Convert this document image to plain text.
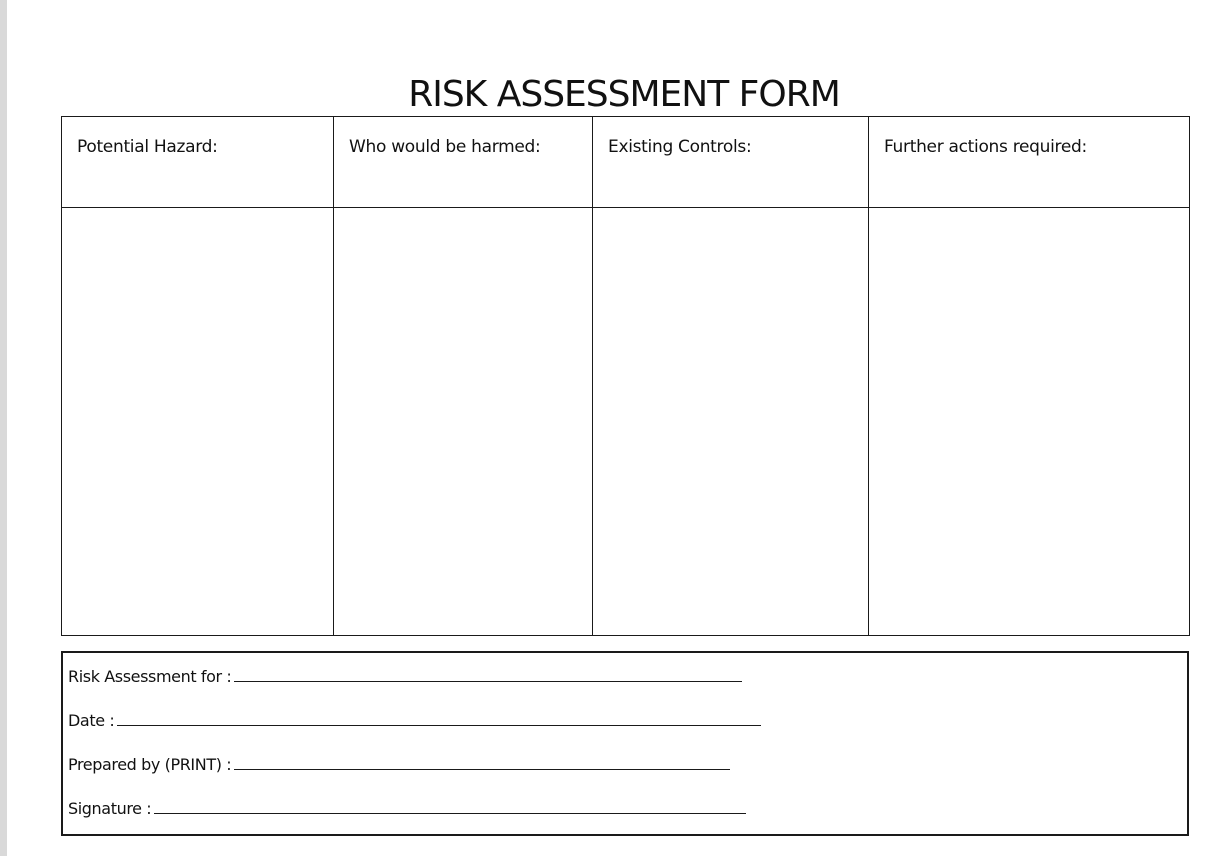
RISK ASSESSMENT FORM
Potential Hazard:	Who would be harmed:	Existing Controls:	Further actions required:

Risk Assessment for :
Date :
Prepared by (PRINT) :
Signature :
